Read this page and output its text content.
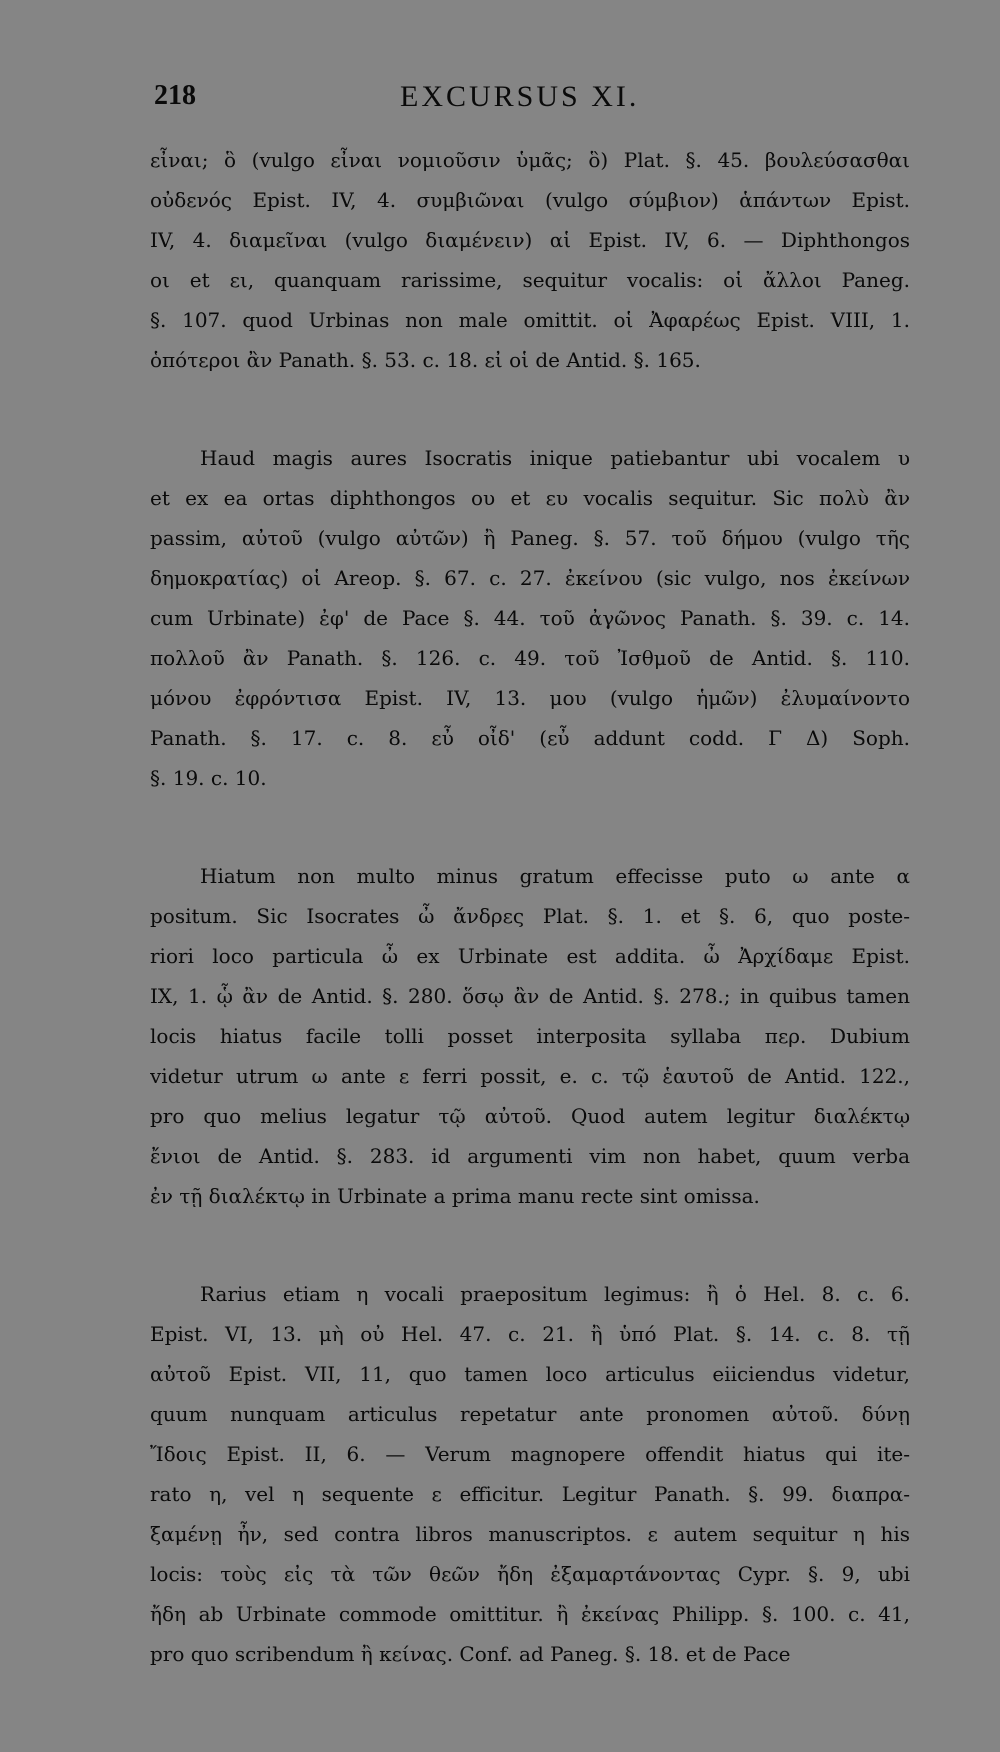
218	EXCURSUS XI.
εἶναι; ὃ (vulgo εἶναι νομιοῦσιν ὑμᾶς; ὃ) Plat. §. 45. βουλεύσασθαι
οὐδενός Epist. IV, 4. συμβιῶναι (vulgo σύμβιον) ἁπάντων Epist.
IV, 4. διαμεῖναι (vulgo διαμένειν) αἱ Epist. IV, 6. — Diphthongos
οι et ει, quanquam rarissime, sequitur vocalis: οἱ ἄλλοι Paneg.
§. 107. quod Urbinas non male omittit. οἱ Ἀφαρέως Epist. VIII, 1.
ὁπότεροι ἂν Panath. §. 53. c. 18. εἰ οἱ de Antid. §. 165.
Haud magis aures Isocratis inique patiebantur ubi vocalem υ
et ex ea ortas diphthongos ου et ευ vocalis sequitur. Sic πολὺ ἂν
passim, αὐτοῦ (vulgo αὐτῶν) ἢ Paneg. §. 57. τοῦ δήμου (vulgo τῆς
δημοκρατίας) οἱ Areop. §. 67. c. 27. ἐκείνου (sic vulgo, nos ἐκείνων
cum Urbinate) ἐφ' de Pace §. 44. τοῦ ἀγῶνος Panath. §. 39. c. 14.
πολλοῦ ἂν Panath. §. 126. c. 49. τοῦ Ἰσθμοῦ de Antid. §. 110.
μόνου ἐφρόντισα Epist. IV, 13. μου (vulgo ἡμῶν) ἐλυμαίνοντο
Panath. §. 17. c. 8. εὖ οἶδ' (εὖ addunt codd. Γ Δ) Soph.
§. 19. c. 10.
Hiatum non multo minus gratum effecisse puto ω ante α
positum. Sic Isocrates ὦ ἄνδρες Plat. §. 1. et §. 6, quo poste-
riori loco particula ὦ ex Urbinate est addita. ὦ Ἀρχίδαμε Epist.
IX, 1. ᾧ ἂν de Antid. §. 280. ὅσῳ ἂν de Antid. §. 278.; in quibus tamen
locis hiatus facile tolli posset interposita syllaba περ. Dubium
videtur utrum ω ante ε ferri possit, e. c. τῷ ἑαυτοῦ de Antid. 122.,
pro quo melius legatur τῷ αὐτοῦ. Quod autem legitur διαλέκτῳ
ἔνιοι de Antid. §. 283. id argumenti vim non habet, quum verba
ἐν τῇ διαλέκτῳ in Urbinate a prima manu recte sint omissa.
Rarius etiam η vocali praepositum legimus: ἢ ὁ Hel. 8. c. 6.
Epist. VI, 13. μὴ οὐ Hel. 47. c. 21. ἢ ὑπό Plat. §. 14. c. 8. τῇ
αὐτοῦ Epist. VII, 11, quo tamen loco articulus eiiciendus videtur,
quum nunquam articulus repetatur ante pronomen αὐτοῦ. δύνῃ
Ἴδοις Epist. II, 6. — Verum magnopere offendit hiatus qui ite-
rato η, vel η sequente ε efficitur. Legitur Panath. §. 99. διαπρα-
ξαμένῃ ἦν, sed contra libros manuscriptos. ε autem sequitur η his
locis: τοὺς εἰς τὰ τῶν θεῶν ἤδη ἐξαμαρτάνοντας Cypr. §. 9, ubi
ἤδη ab Urbinate commode omittitur. ἢ ἐκείνας Philipp. §. 100. c. 41,
pro quo scribendum ἢ κείνας. Conf. ad Paneg. §. 18. et de Pace
